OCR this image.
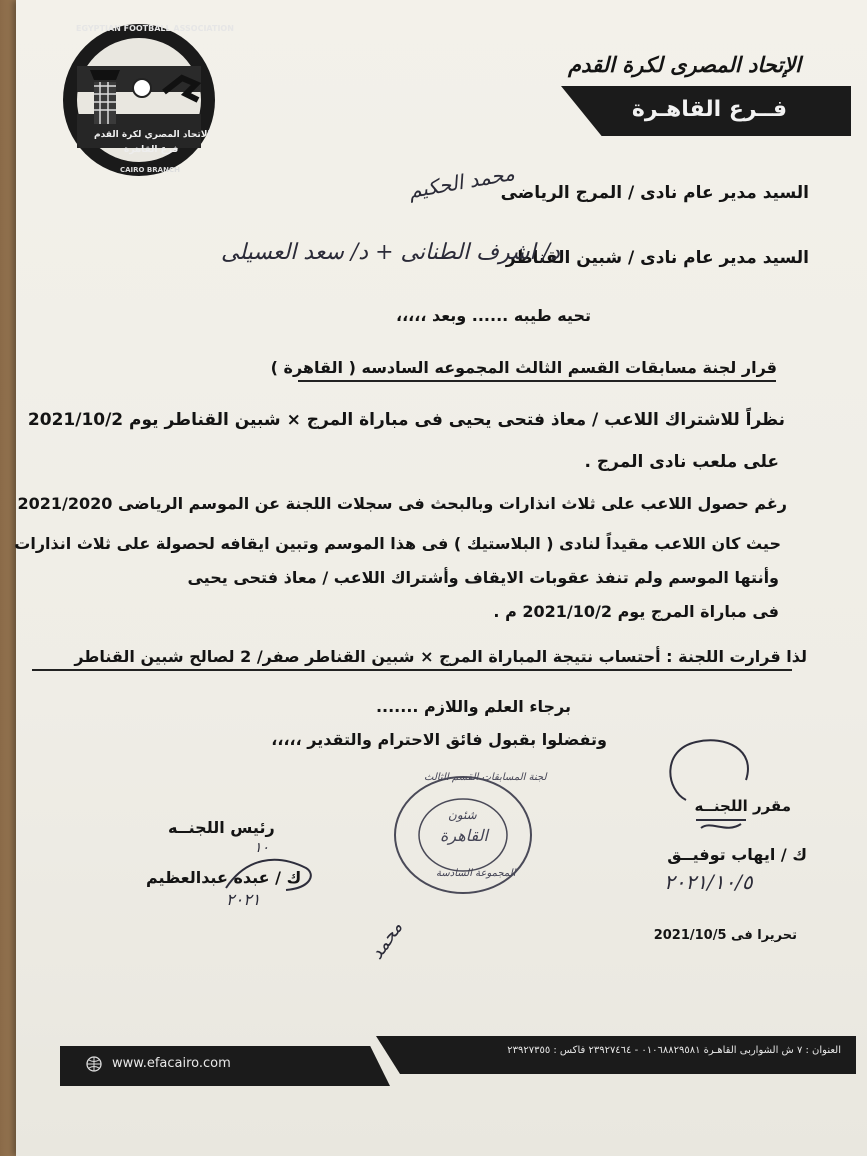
EGYPTIAN FOOTBALL ASSOCIATION
الاتحاد المصري لكرة القدم
فرع القاهرة
CAIRO BRANCH
الإتحاد المصرى لكرة القدم
فــرع القاهـرة
السيد مدير عام نادى / المرج الرياضى
محمد الحكيم
السيد مدير عام نادى / شبين القناطر
د/ اشرف الطنانى + د/ سعد العسيلى
تحيه طيبه ...... وبعد ،،،،،
قرار لجنة مسابقات القسم الثالث المجموعه السادسه ( القاهرة )
نظراً للاشتراك اللاعب / معاذ فتحى يحيى فى مباراة المرج × شبين القناطر يوم 2021/10/2
على ملعب نادى المرج .
رغم حصول اللاعب على ثلاث انذارات وبالبحث فى سجلات اللجنة عن الموسم الرياضى 2021/2020
حيث كان اللاعب مقيداً لنادى ( البلاستيك ) فى هذا الموسم وتبين ايقافه لحصولة على ثلاث انذارات
وأنتها الموسم ولم تنفذ عقوبات الايقاف وأشتراك اللاعب / معاذ فتحى يحيى
فى مباراة المرج يوم 2021/10/2 م .
لذا قرارت اللجنة : أحتساب نتيجة المباراة المرج × شبين القناطر صفر/ 2 لصالح شبين القناطر
برجاء العلم واللازم .......
وتفضلوا بقبول فائق الاحترام والتقدير ،،،،،
لجنة المسابقات القسم الثالث
شئون
القاهرة
المجموعة السادسة
مقرر اللجنــه
ك / ايهاب توفيــق
٢٠٢١/١٠/٥
رئيس اللجنــه
١٠
ك / عبده عبدالعظيم
٢٠٢١
محمد	تحريرا فى 2021/10/5
العنوان : ٧ ش الشواربى القاهـرة ٠١٠٦٨٨٢٩٥٨١ - ٢٣٩٢٧٤٦٤ فاكس : ٢٣٩٢٧٣٥٥
www.efacairo.com
